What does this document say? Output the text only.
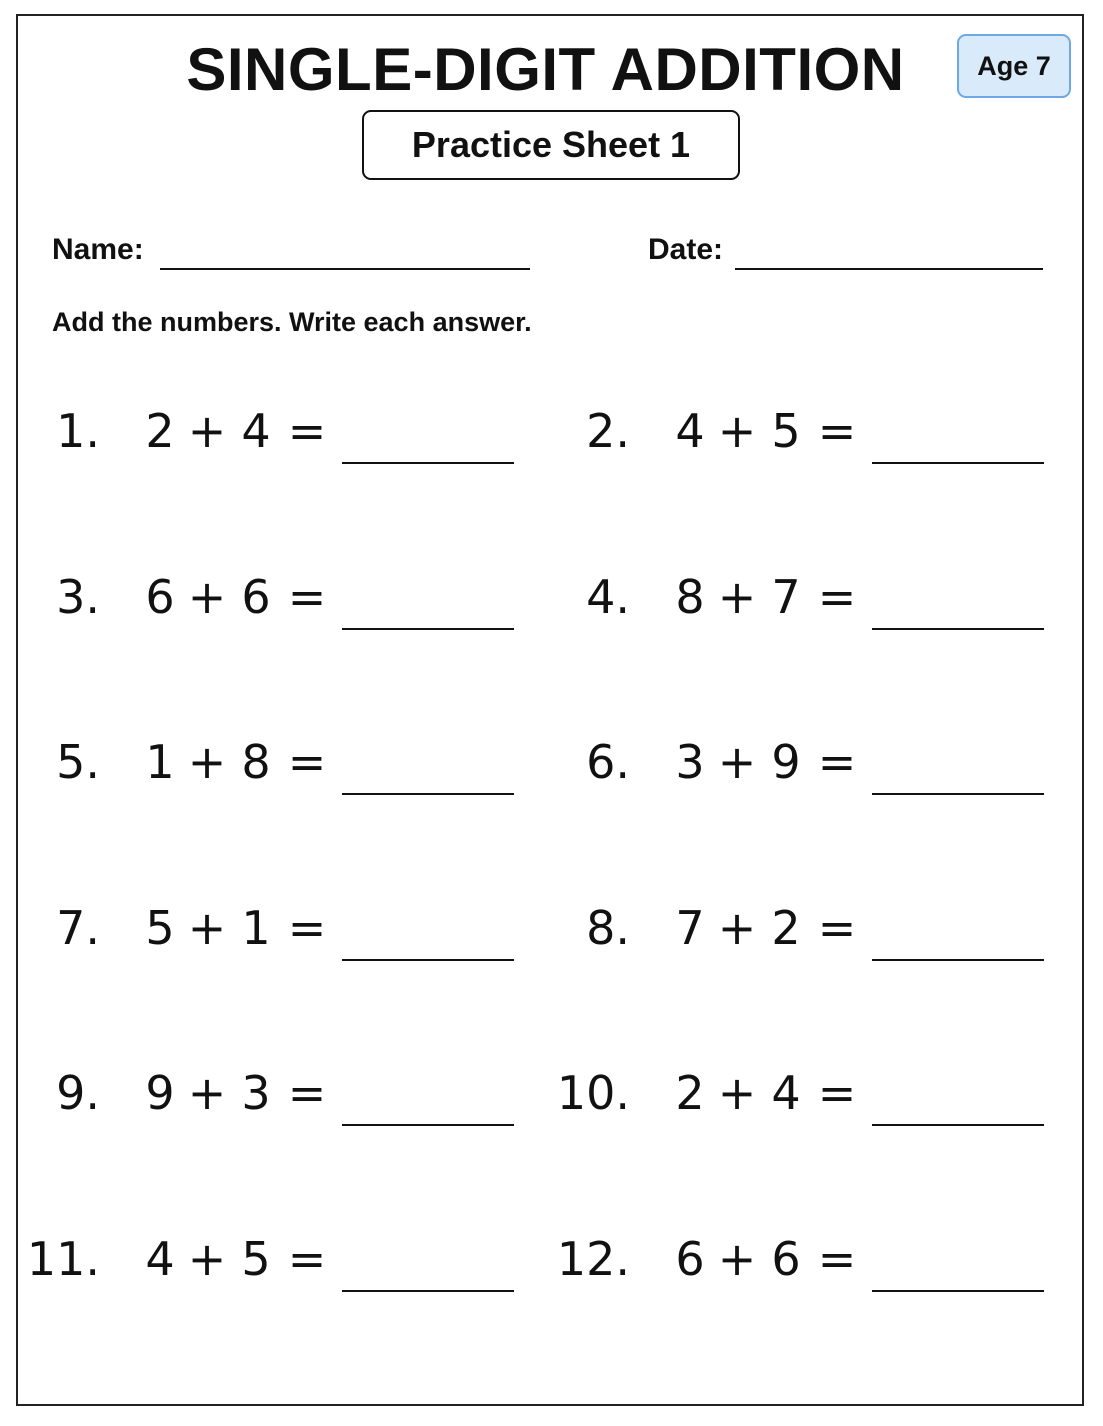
SINGLE-DIGIT ADDITION	Age 7
Practice Sheet 1
Name:	Date:
Add the numbers. Write each answer.
1. 2 + 4 =	2. 4 + 5 =
3. 6 + 6 =	4. 8 + 7 =
5. 1 + 8 =	6. 3 + 9 =
7. 5 + 1 =	8. 7 + 2 =
9. 9 + 3 =	10. 2 + 4 =
11. 4 + 5 =	12. 6 + 6 =
